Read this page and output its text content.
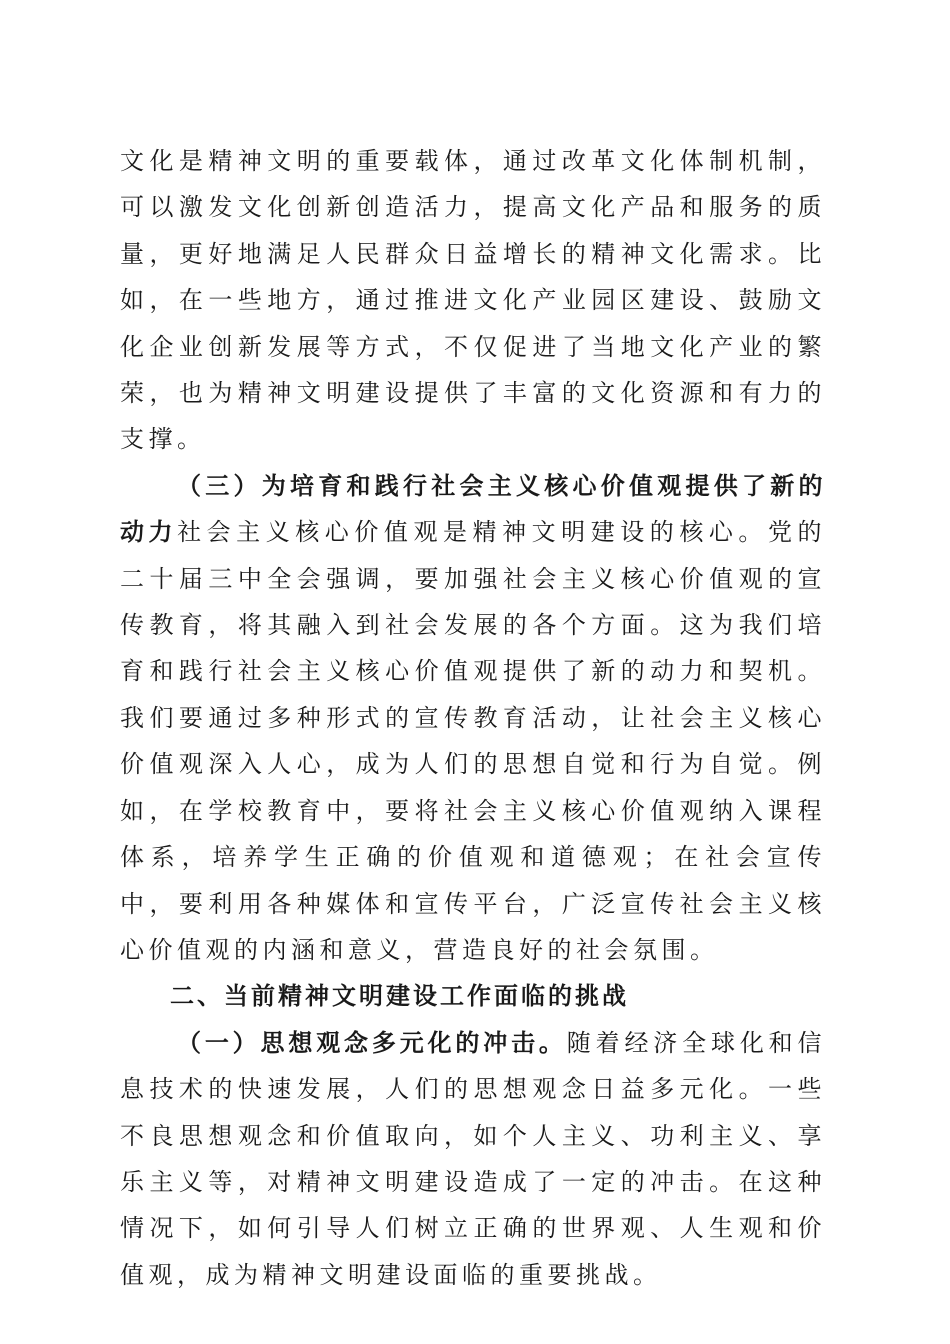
文化是精神文明的重要载体，通过改革文化体制机制，可以激发文化创新创造活力，提高文化产品和服务的质量，更好地满足人民群众日益增长的精神文化需求。比如，在一些地方，通过推进文化产业园区建设、鼓励文化企业创新发展等方式，不仅促进了当地文化产业的繁荣，也为精神文明建设提供了丰富的文化资源和有力的支撑。

（三）为培育和践行社会主义核心价值观提供了新的动力社会主义核心价值观是精神文明建设的核心。党的二十届三中全会强调，要加强社会主义核心价值观的宣传教育，将其融入到社会发展的各个方面。这为我们培育和践行社会主义核心价值观提供了新的动力和契机。我们要通过多种形式的宣传教育活动，让社会主义核心价值观深入人心，成为人们的思想自觉和行为自觉。例如，在学校教育中，要将社会主义核心价值观纳入课程体系，培养学生正确的价值观和道德观；在社会宣传中，要利用各种媒体和宣传平台，广泛宣传社会主义核心价值观的内涵和意义，营造良好的社会氛围。

二、当前精神文明建设工作面临的挑战

（一）思想观念多元化的冲击。随着经济全球化和信息技术的快速发展，人们的思想观念日益多元化。一些不良思想观念和价值取向，如个人主义、功利主义、享乐主义等，对精神文明建设造成了一定的冲击。在这种情况下，如何引导人们树立正确的世界观、人生观和价值观，成为精神文明建设面临的重要挑战。
